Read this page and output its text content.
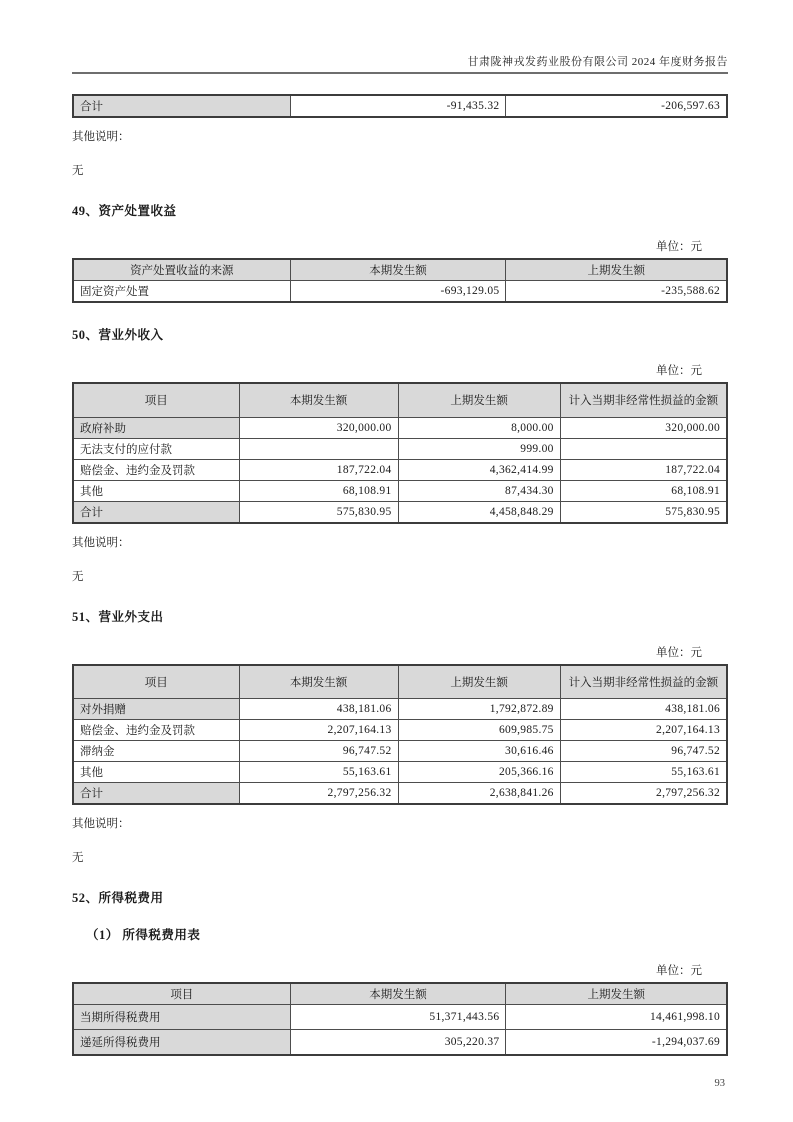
甘肃陇神戎发药业股份有限公司 2024 年度财务报告
合计	-91,435.32	-206,597.63
其他说明：
无
49、资产处置收益
单位：元
资产处置收益的来源	本期发生额	上期发生额
固定资产处置	-693,129.05	-235,588.62
50、营业外收入
单位：元
项目	本期发生额	上期发生额	计入当期非经常性损益的金额
政府补助	320,000.00	8,000.00	320,000.00
无法支付的应付款		999.00	
赔偿金、违约金及罚款	187,722.04	4,362,414.99	187,722.04
其他	68,108.91	87,434.30	68,108.91
合计	575,830.95	4,458,848.29	575,830.95
其他说明：
无
51、营业外支出
单位：元
项目	本期发生额	上期发生额	计入当期非经常性损益的金额
对外捐赠	438,181.06	1,792,872.89	438,181.06
赔偿金、违约金及罚款	2,207,164.13	609,985.75	2,207,164.13
滞纳金	96,747.52	30,616.46	96,747.52
其他	55,163.61	205,366.16	55,163.61
合计	2,797,256.32	2,638,841.26	2,797,256.32
其他说明：
无
52、所得税费用
（1） 所得税费用表
单位：元
项目	本期发生额	上期发生额
当期所得税费用	51,371,443.56	14,461,998.10
递延所得税费用	305,220.37	-1,294,037.69
93
